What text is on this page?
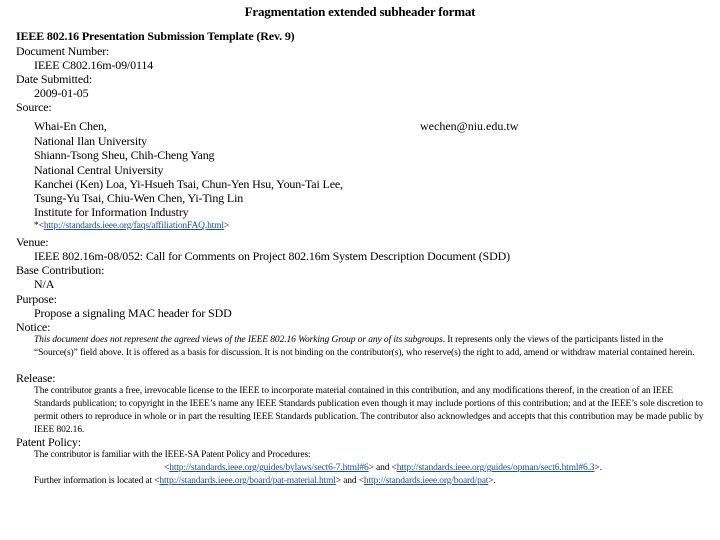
Fragmentation extended subheader format
IEEE 802.16 Presentation Submission Template (Rev. 9)
Document Number:
IEEE C802.16m-09/0114
Date Submitted:
2009-01-05
Source:
Whai-En Chen,
National Ilan University
Shiann-Tsong Sheu, Chih-Cheng Yang
National Central University
Kanchei (Ken) Loa, Yi-Hsueh Tsai, Chun-Yen Hsu, Youn-Tai Lee,
Tsung-Yu Tsai, Chiu-Wen Chen, Yi-Ting Lin
Institute for Information Industry
wechen@niu.edu.tw
*<http://standards.ieee.org/faqs/affiliationFAQ.html>
Venue:
IEEE 802.16m-08/052: Call for Comments on Project 802.16m System Description Document (SDD)
Base Contribution:
N/A
Purpose:
Propose a signaling MAC header for SDD
Notice:
This document does not represent the agreed views of the IEEE 802.16 Working Group or any of its subgroups. It represents only the views of the participants listed in the “Source(s)” field above. It is offered as a basis for discussion. It is not binding on the contributor(s), who reserve(s) the right to add, amend or withdraw material contained herein.
Release:
The contributor grants a free, irrevocable license to the IEEE to incorporate material contained in this contribution, and any modifications thereof, in the creation of an IEEE Standards publication; to copyright in the IEEE’s name any IEEE Standards publication even though it may include portions of this contribution; and at the IEEE’s sole discretion to permit others to reproduce in whole or in part the resulting IEEE Standards publication. The contributor also acknowledges and accepts that this contribution may be made public by IEEE 802.16.
Patent Policy:
The contributor is familiar with the IEEE-SA Patent Policy and Procedures:
<http://standards.ieee.org/guides/bylaws/sect6-7.html#6> and <http://standards.ieee.org/guides/opman/sect6.html#6.3>.
Further information is located at <http://standards.ieee.org/board/pat-material.html> and <http://standards.ieee.org/board/pat>.
